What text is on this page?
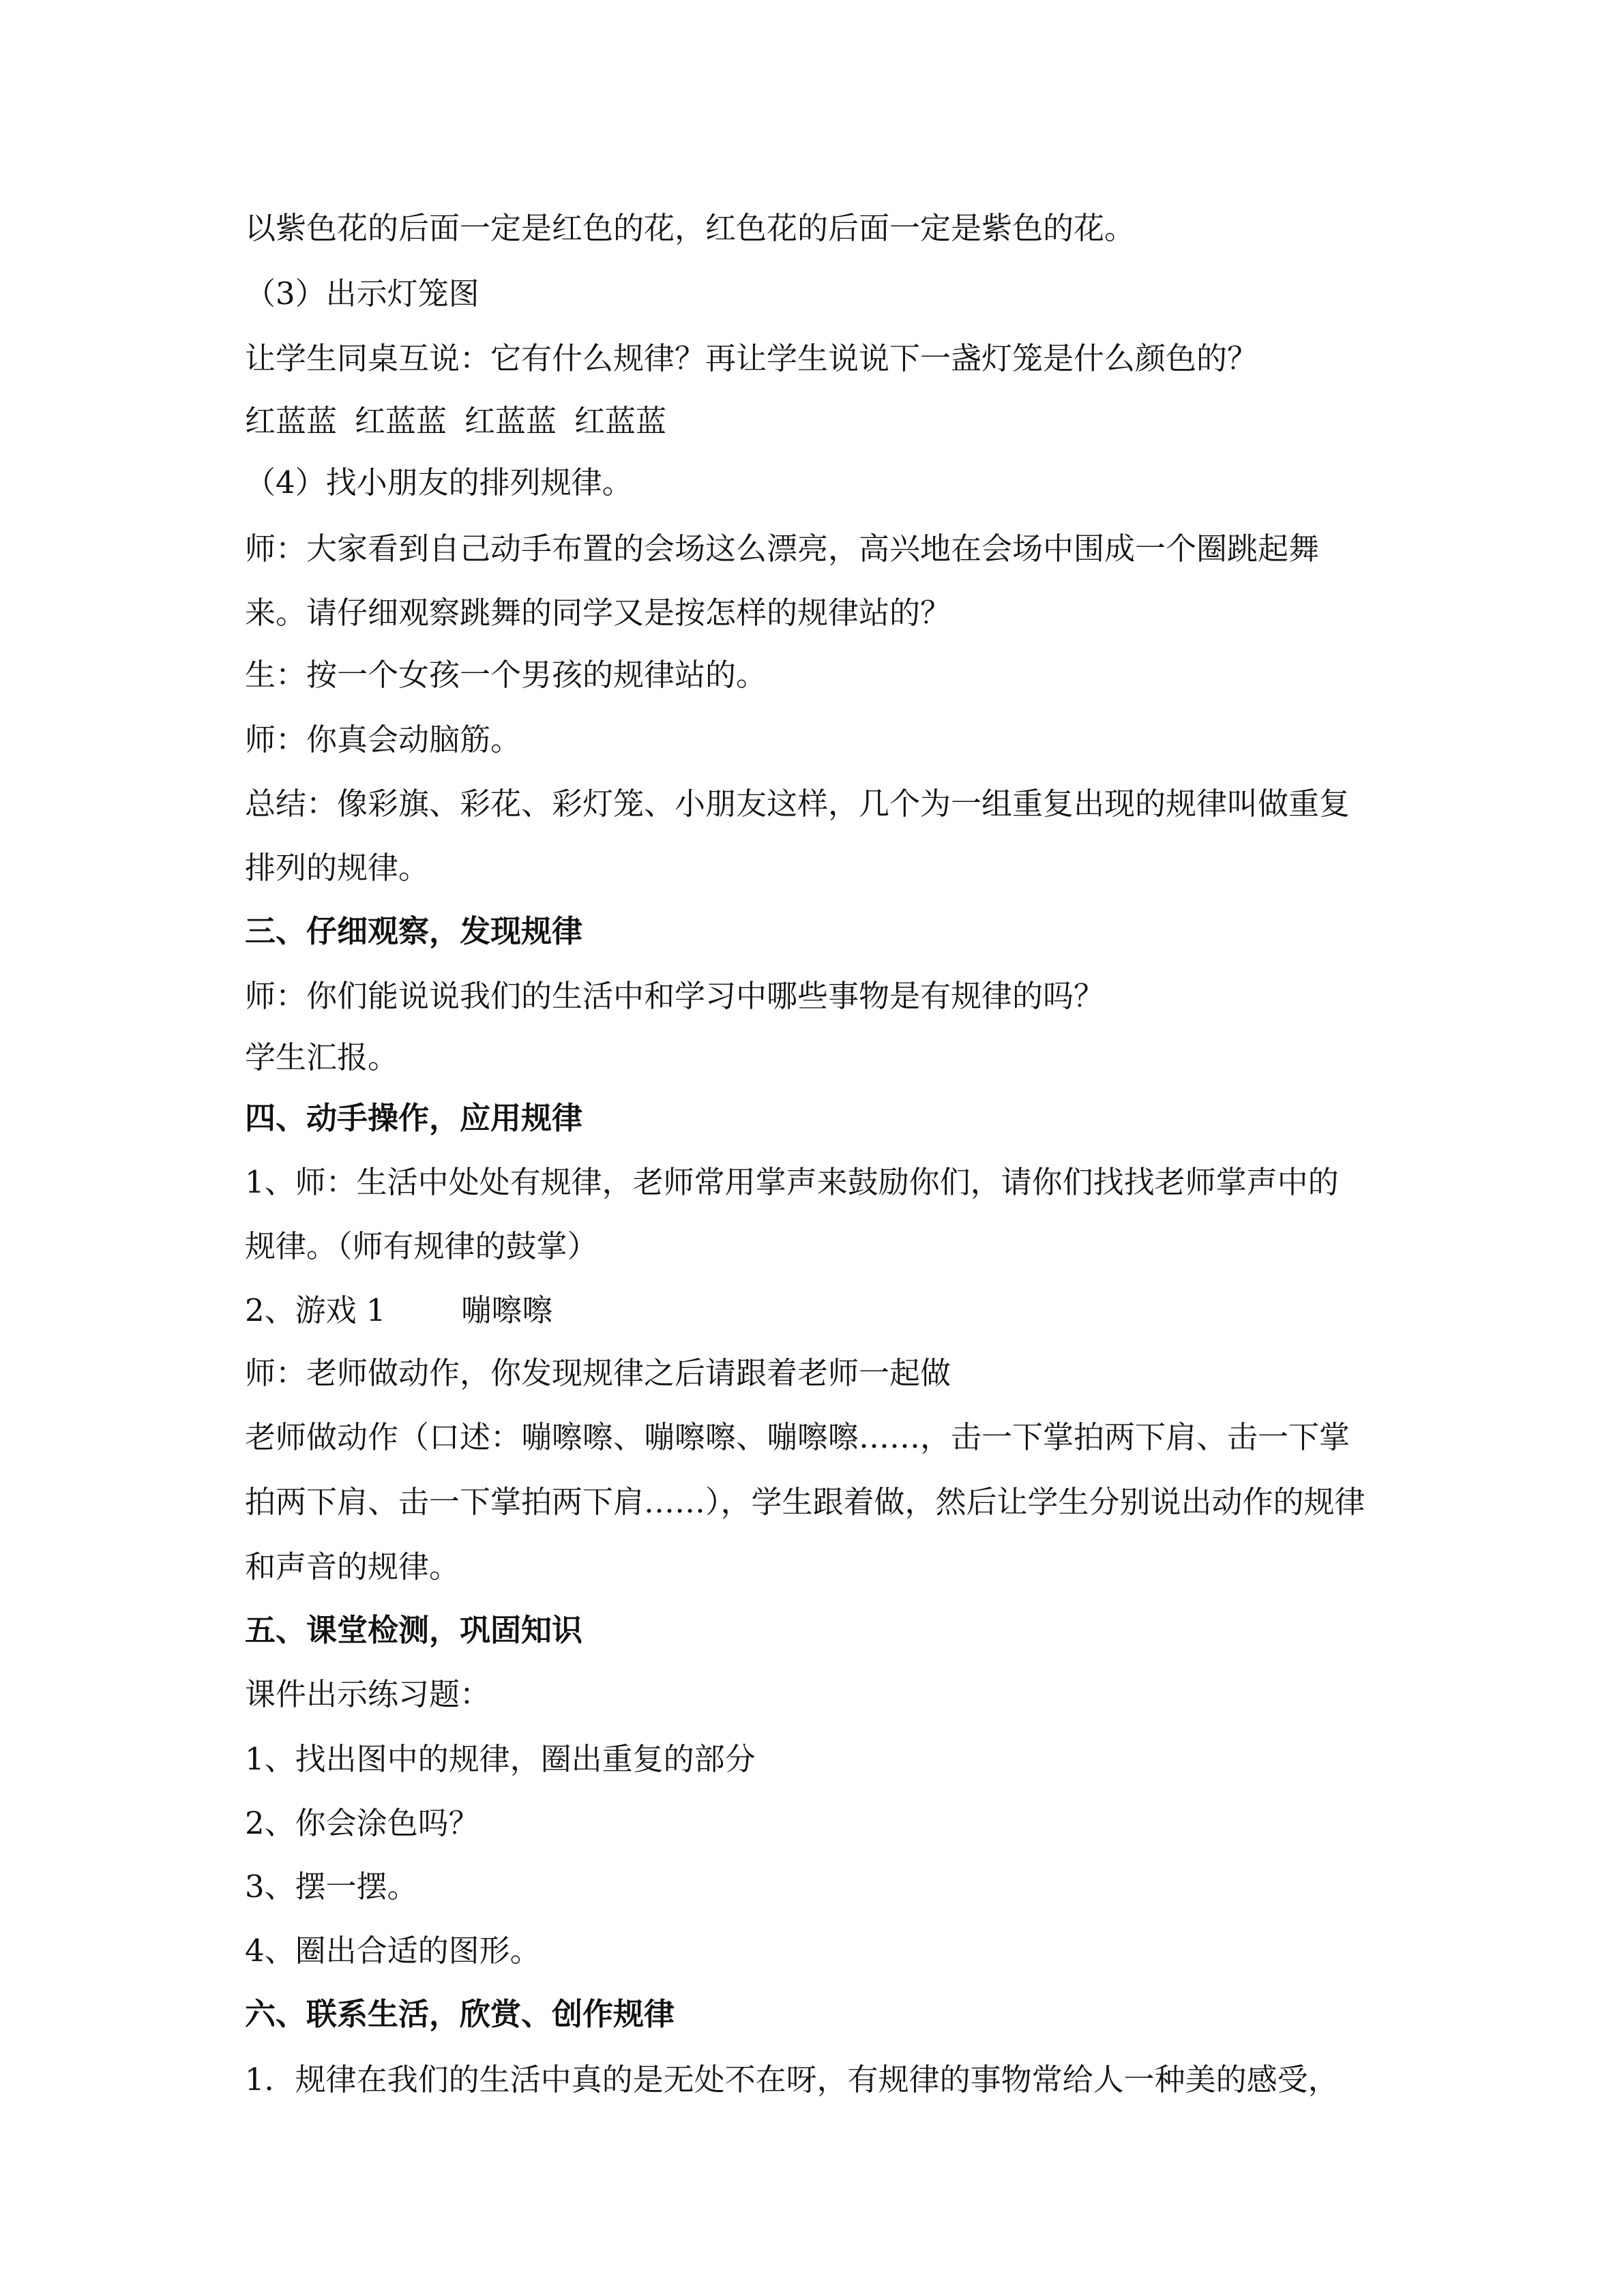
以紫色花的后面一定是红色的花，红色花的后面一定是紫色的花。
（3）出示灯笼图
让学生同桌互说：它有什么规律？再让学生说说下一盏灯笼是什么颜色的？
红蓝蓝 红蓝蓝 红蓝蓝 红蓝蓝
（4）找小朋友的排列规律。
师：大家看到自己动手布置的会场这么漂亮，高兴地在会场中围成一个圈跳起舞
来。请仔细观察跳舞的同学又是按怎样的规律站的？
生：按一个女孩一个男孩的规律站的。
师：你真会动脑筋。
总结：像彩旗、彩花、彩灯笼、小朋友这样，几个为一组重复出现的规律叫做重复
排列的规律。
三、仔细观察，发现规律
师：你们能说说我们的生活中和学习中哪些事物是有规律的吗？
学生汇报。
四、动手操作，应用规律
1、师：生活中处处有规律，老师常用掌声来鼓励你们，请你们找找老师掌声中的
规律。（师有规律的鼓掌）
2、游戏 1 嘣嚓嚓
师：老师做动作，你发现规律之后请跟着老师一起做
老师做动作（口述：嘣嚓嚓、嘣嚓嚓、嘣嚓嚓……，击一下掌拍两下肩、击一下掌
拍两下肩、击一下掌拍两下肩……），学生跟着做，然后让学生分别说出动作的规律
和声音的规律。
五、课堂检测，巩固知识
课件出示练习题：
1、找出图中的规律，圈出重复的部分
2、你会涂色吗？
3、摆一摆。
4、圈出合适的图形。
六、联系生活，欣赏、创作规律
1．规律在我们的生活中真的是无处不在呀，有规律的事物常给人一种美的感受，
